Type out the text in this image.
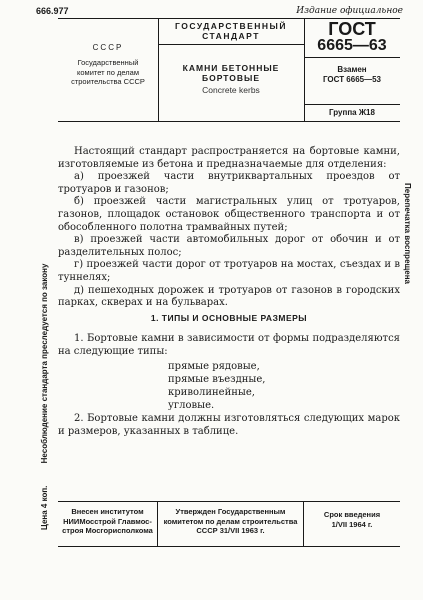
666.977	Издание официальное
СССР
Государственный
комитет по делам
строительства СССР
ГОСУДАРСТВЕННЫЙ
СТАНДАРТ
КАМНИ БЕТОННЫЕ
БОРТОВЫЕ
Concrete kerbs
ГОСТ
6665—63
Взамен
ГОСТ 6665—53
Группа Ж18

Настоящий стандарт распространяется на бортовые камни, изготовляемые из бетона и предназначаемые для отделения:

а) проезжей части внутриквартальных проездов от тротуаров и газонов;

б) проезжей части магистральных улиц от тротуаров, газонов, площадок остановок общественного транспорта и от обособленного полотна трамвайных путей;

в) проезжей части автомобильных дорог от обочин и от разделительных полос;

г) проезжей части дорог от тротуаров на мостах, съездах и в туннелях;

д) пешеходных дорожек и тротуаров от газонов в городских парках, скверах и на бульварах.

1. ТИПЫ И ОСНОВНЫЕ РАЗМЕРЫ

1. Бортовые камни в зависимости от формы подразделяются на следующие типы:

прямые рядовые,
прямые въездные,
криволинейные,
угловые.

2. Бортовые камни должны изготовляться следующих марок и размеров, указанных в таблице.

Внесен институтом
НИИМосстрой Главмос-
строя Мосгорисполкома
Утвержден Государственным
комитетом по делам строительства
СССР 31/VII 1963 г.
Срок введения
1/VII 1964 г.
Цена 4 коп.          Несоблюдение стандарта преследуется по закону
Перепечатка воспрещена
